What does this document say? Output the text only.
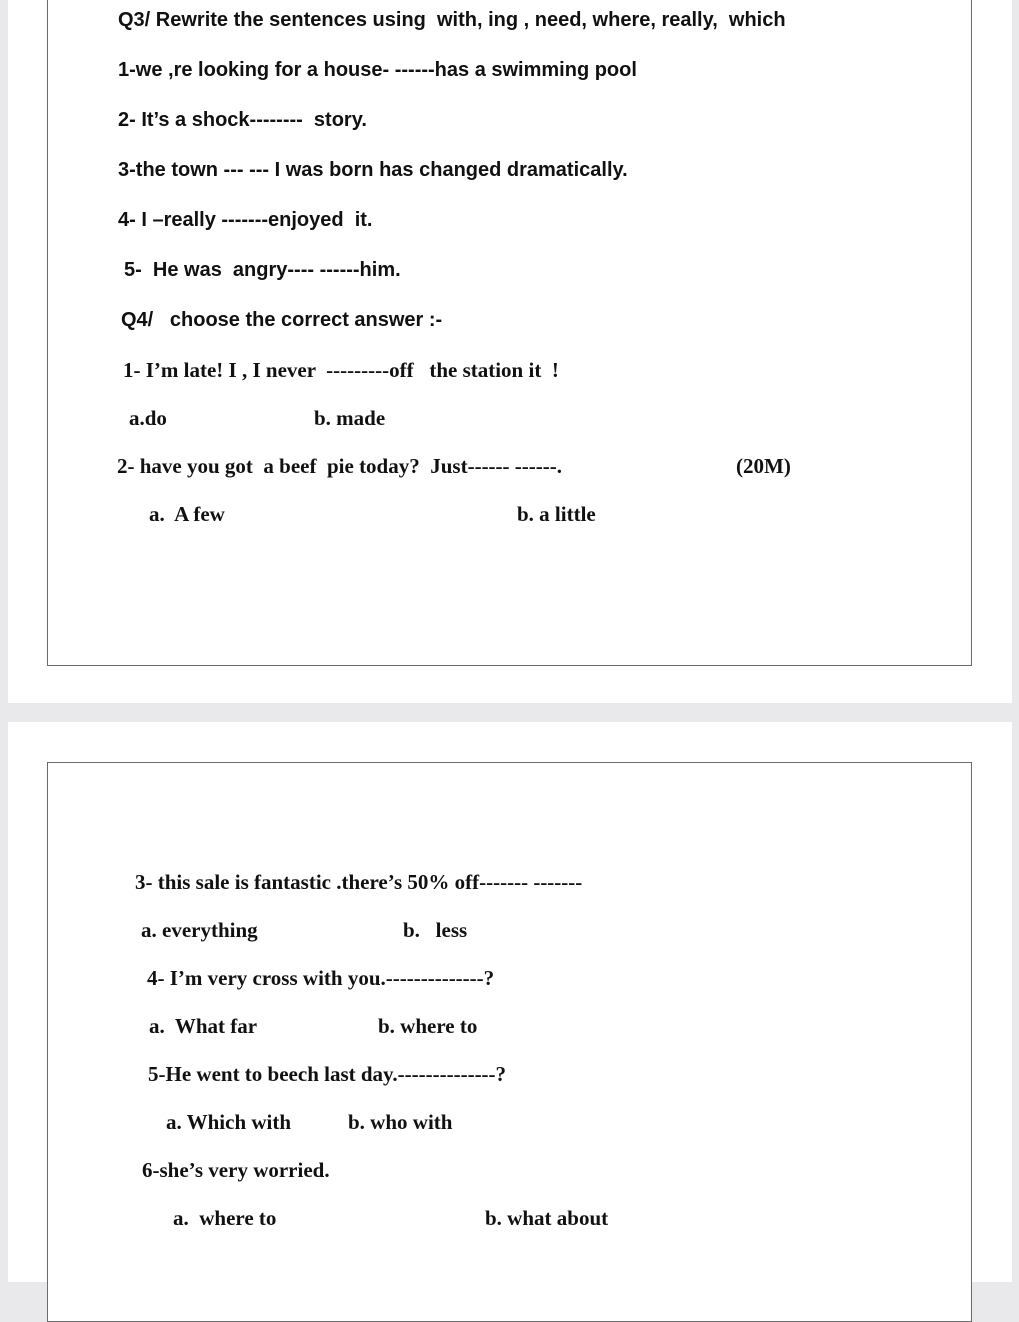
Q3/ Rewrite the sentences using  with, ing , need, where, really,  which
1-we ,re looking for a house- ------has a swimming pool
2- It’s a shock--------  story.
3-the town --- --- I was born has changed dramatically.
4- I –really -------enjoyed  it.
5-  He was  angry---- ------him.
Q4/   choose the correct answer :-
1- I’m late! I , I never  ---------off   the station it  !
a.do	b. made
2- have you got  a beef  pie today?  Just------ ------.	(20M)
a.  A few	b. a little
3- this sale is fantastic .there’s 50% off------- -------
a. everything	b.   less
4- I’m very cross with you.--------------?
a.  What far	b. where to
5-He went to beech last day.--------------?
a. Which with	b. who with
6-she’s very worried.
a.  where to	b. what about
